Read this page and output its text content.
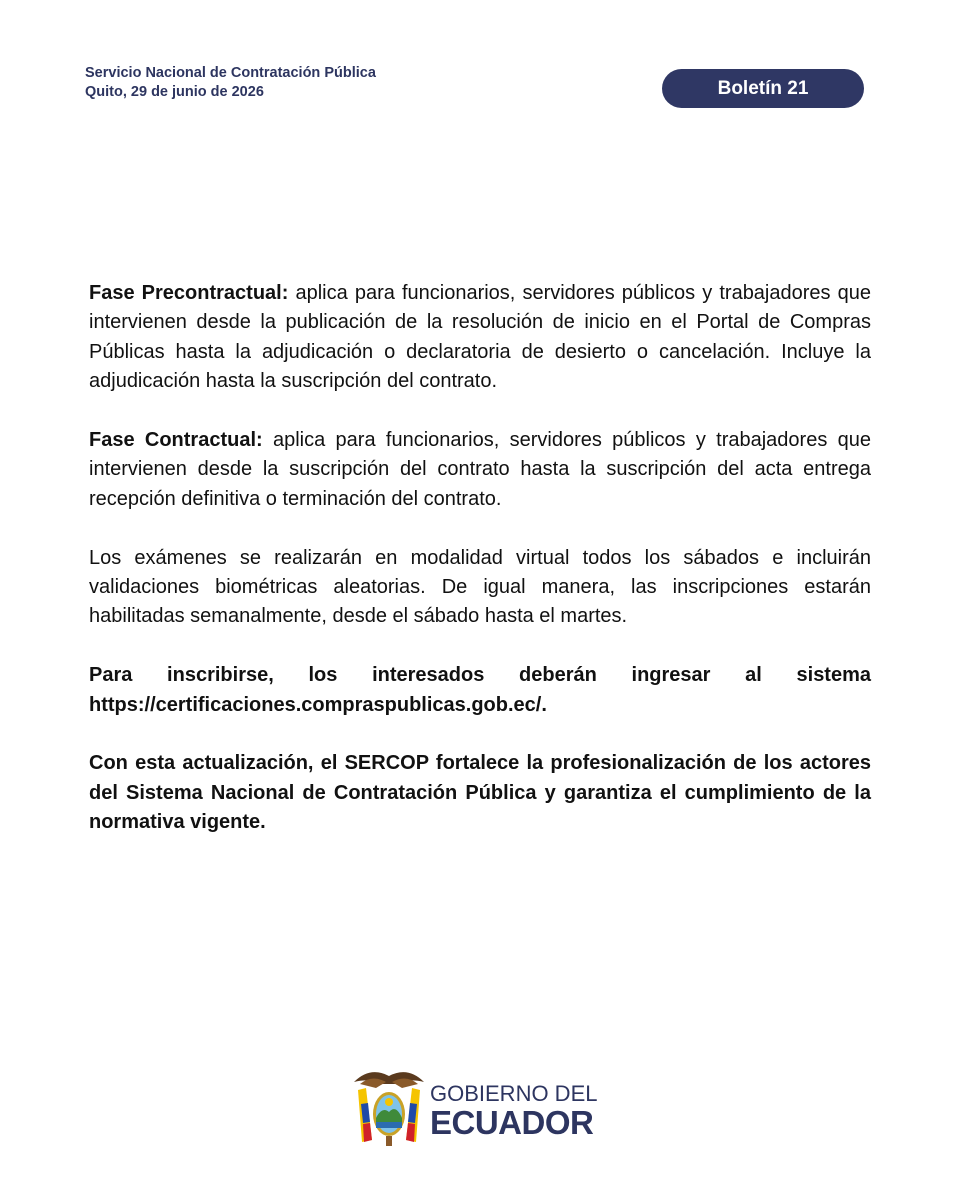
Servicio Nacional de Contratación Pública
Quito, 29 de junio de 2026	Boletín 21

Fase Precontractual: aplica para funcionarios, servidores públicos y trabajadores que intervienen desde la publicación de la resolución de inicio en el Portal de Compras Públicas hasta la adjudicación o declaratoria de desierto o cancelación. Incluye la adjudicación hasta la suscripción del contrato.

Fase Contractual: aplica para funcionarios, servidores públicos y trabajadores que intervienen desde la suscripción del contrato hasta la suscripción del acta entrega recepción definitiva o terminación del contrato.

Los exámenes se realizarán en modalidad virtual todos los sábados e incluirán validaciones biométricas aleatorias. De igual manera, las inscripciones estarán habilitadas semanalmente, desde el sábado hasta el martes.

Para inscribirse, los interesados deberán ingresar al sistema https://certificaciones.compraspublicas.gob.ec/.

Con esta actualización, el SERCOP fortalece la profesionalización de los actores del Sistema Nacional de Contratación Pública y garantiza el cumplimiento de la normativa vigente.

GOBIERNO DEL
ECUADOR
